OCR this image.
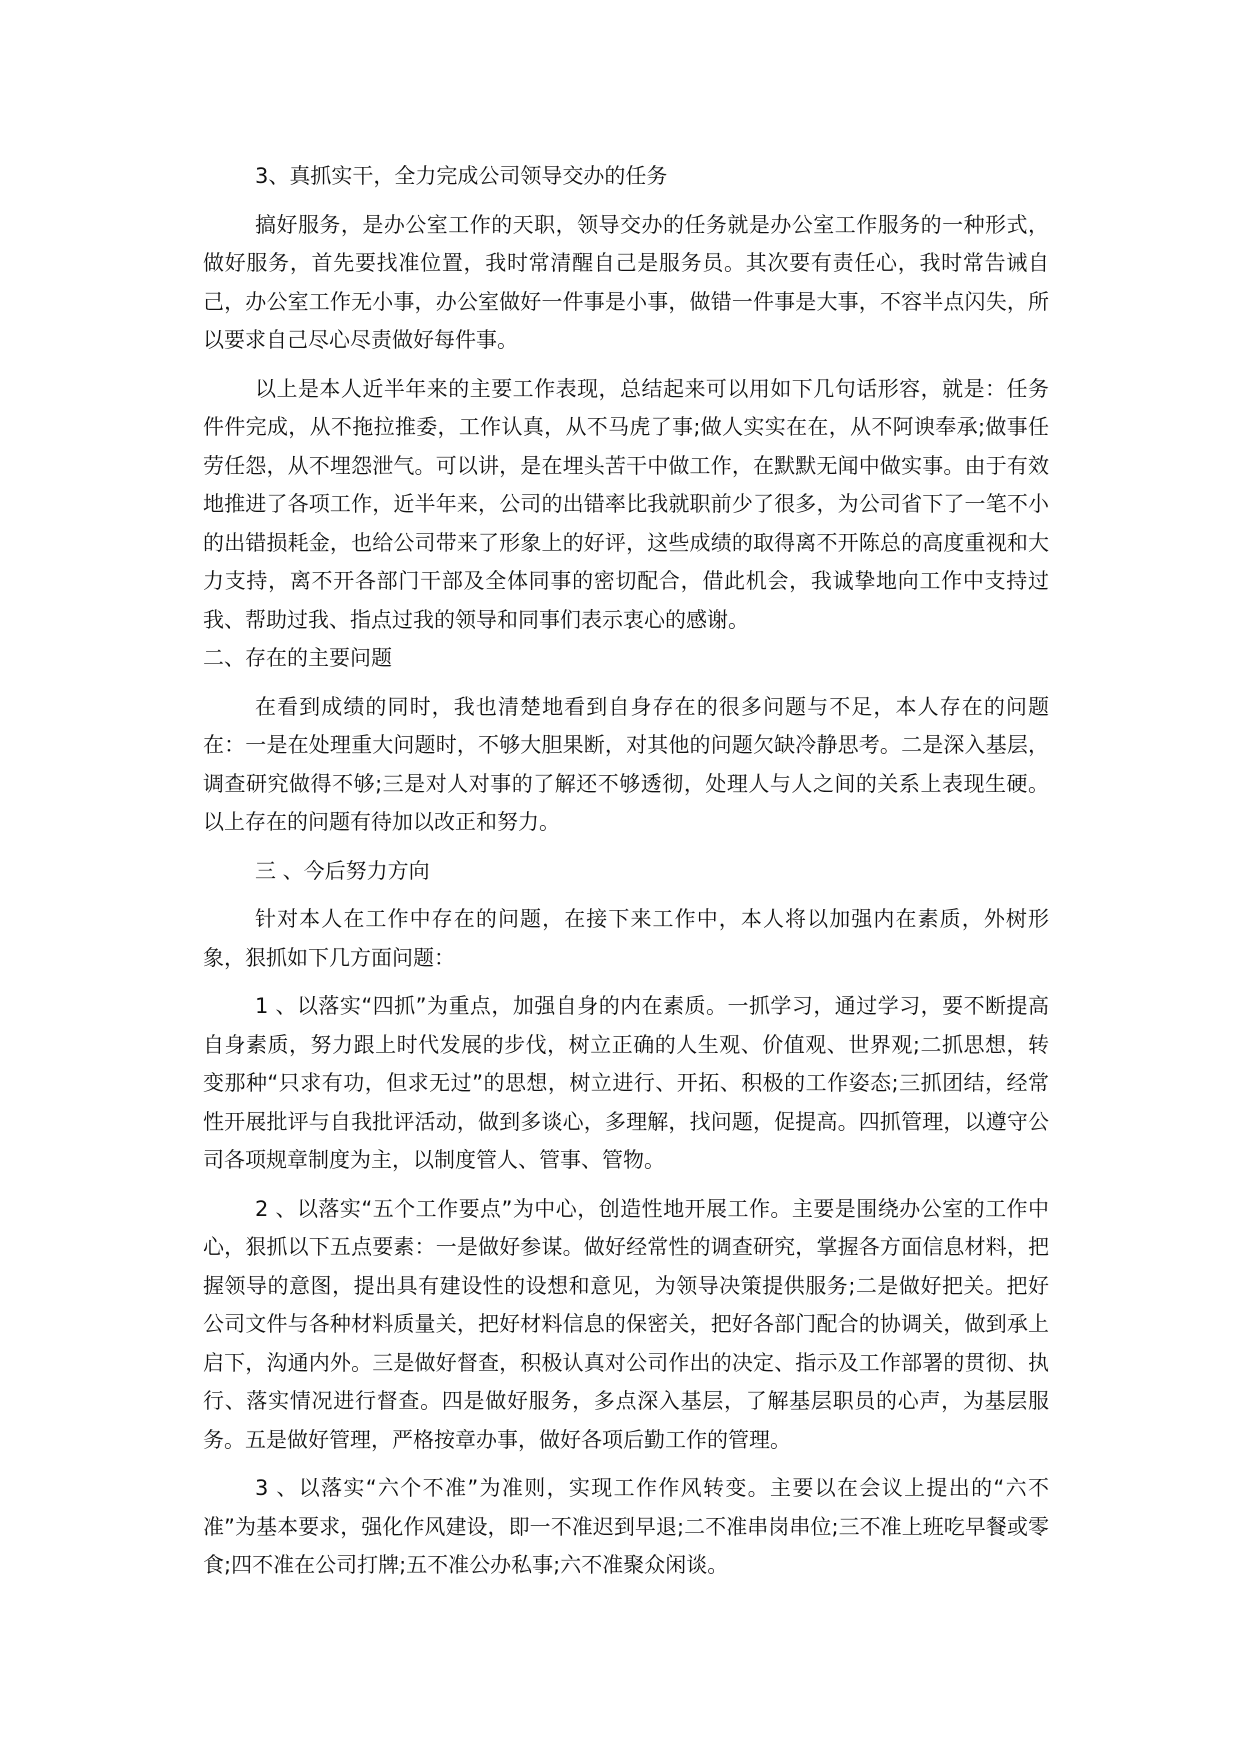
3、真抓实干，全力完成公司领导交办的任务

搞好服务，是办公室工作的天职，领导交办的任务就是办公室工作服务的一种形式，做好服务，首先要找准位置，我时常清醒自己是服务员。其次要有责任心，我时常告诫自己，办公室工作无小事，办公室做好一件事是小事，做错一件事是大事，不容半点闪失，所以要求自己尽心尽责做好每件事。

以上是本人近半年来的主要工作表现，总结起来可以用如下几句话形容，就是：任务件件完成，从不拖拉推委，工作认真，从不马虎了事;做人实实在在，从不阿谀奉承;做事任劳任怨，从不埋怨泄气。可以讲，是在埋头苦干中做工作，在默默无闻中做实事。由于有效地推进了各项工作，近半年来，公司的出错率比我就职前少了很多，为公司省下了一笔不小的出错损耗金，也给公司带来了形象上的好评，这些成绩的取得离不开陈总的高度重视和大力支持，离不开各部门干部及全体同事的密切配合，借此机会，我诚挚地向工作中支持过我、帮助过我、指点过我的领导和同事们表示衷心的感谢。

二、存在的主要问题

在看到成绩的同时，我也清楚地看到自身存在的很多问题与不足，本人存在的问题在：一是在处理重大问题时，不够大胆果断，对其他的问题欠缺冷静思考。二是深入基层，调查研究做得不够;三是对人对事的了解还不够透彻，处理人与人之间的关系上表现生硬。以上存在的问题有待加以改正和努力。

三 、今后努力方向

针对本人在工作中存在的问题，在接下来工作中，本人将以加强内在素质，外树形象，狠抓如下几方面问题：

1 、以落实“四抓”为重点，加强自身的内在素质。一抓学习，通过学习，要不断提高自身素质，努力跟上时代发展的步伐，树立正确的人生观、价值观、世界观;二抓思想，转变那种“只求有功，但求无过”的思想，树立进行、开拓、积极的工作姿态;三抓团结，经常性开展批评与自我批评活动，做到多谈心，多理解，找问题，促提高。四抓管理，以遵守公司各项规章制度为主，以制度管人、管事、管物。

2 、以落实“五个工作要点”为中心，创造性地开展工作。主要是围绕办公室的工作中心，狠抓以下五点要素：一是做好参谋。做好经常性的调查研究，掌握各方面信息材料，把握领导的意图，提出具有建设性的设想和意见，为领导决策提供服务;二是做好把关。把好公司文件与各种材料质量关，把好材料信息的保密关，把好各部门配合的协调关，做到承上启下，沟通内外。三是做好督查，积极认真对公司作出的决定、指示及工作部署的贯彻、执行、落实情况进行督查。四是做好服务，多点深入基层，了解基层职员的心声，为基层服务。五是做好管理，严格按章办事，做好各项后勤工作的管理。

3 、以落实“六个不准”为准则，实现工作作风转变。主要以在会议上提出的“六不准”为基本要求，强化作风建设，即一不准迟到早退;二不准串岗串位;三不准上班吃早餐或零食;四不准在公司打牌;五不准公办私事;六不准聚众闲谈。
